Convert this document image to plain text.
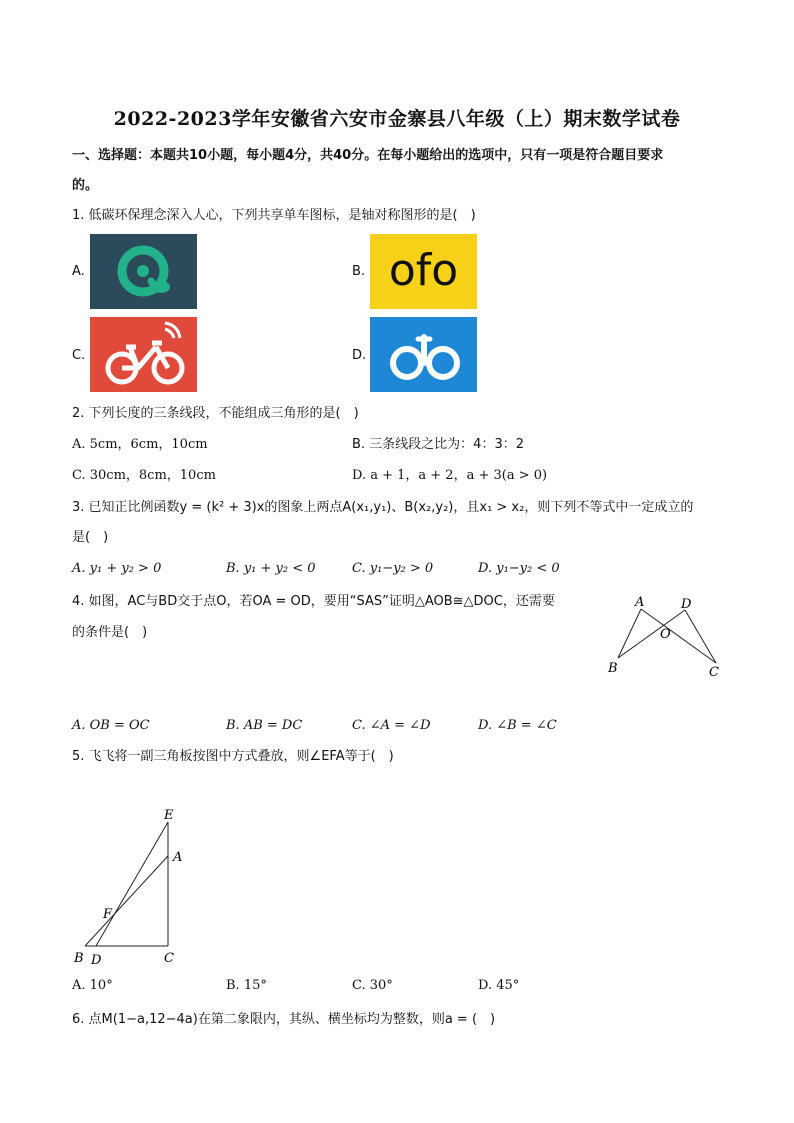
2022-2023学年安徽省六安市金寨县八年级（上）期末数学试卷
一、选择题：本题共10小题，每小题4分，共40分。在每小题给出的选项中，只有一项是符合题目要求
的。
1. 低碳环保理念深入人心，下列共享单车图标，是轴对称图形的是(　)
A.	B. ofo
C.	D.
2. 下列长度的三条线段，不能组成三角形的是(　)
A. 5cm，6cm，10cm	B. 三条线段之比为：4：3：2
C. 30cm，8cm，10cm	D. a + 1，a + 2，a + 3(a > 0)
3. 已知正比例函数y = (k² + 3)x的图象上两点A(x₁,y₁)、B(x₂,y₂)，且x₁ > x₂，则下列不等式中一定成立的
是(　)
A. y₁ + y₂ > 0	B. y₁ + y₂ < 0	C. y₁−y₂ > 0	D. y₁−y₂ < 0
4. 如图，AC与BD交于点O，若OA = OD，要用“SAS”证明△AOB≅△DOC，还需要
的条件是(　)
A	D
O
B	C
A. OB = OC	B. AB = DC	C. ∠A = ∠D	D. ∠B = ∠C
5. 飞飞将一副三角板按图中方式叠放，则∠EFA等于(　)
E
A
F
B D	C
A. 10°	B. 15°	C. 30°	D. 45°
6. 点M(1−a,12−4a)在第二象限内，其纵、横坐标均为整数，则a = (　)
